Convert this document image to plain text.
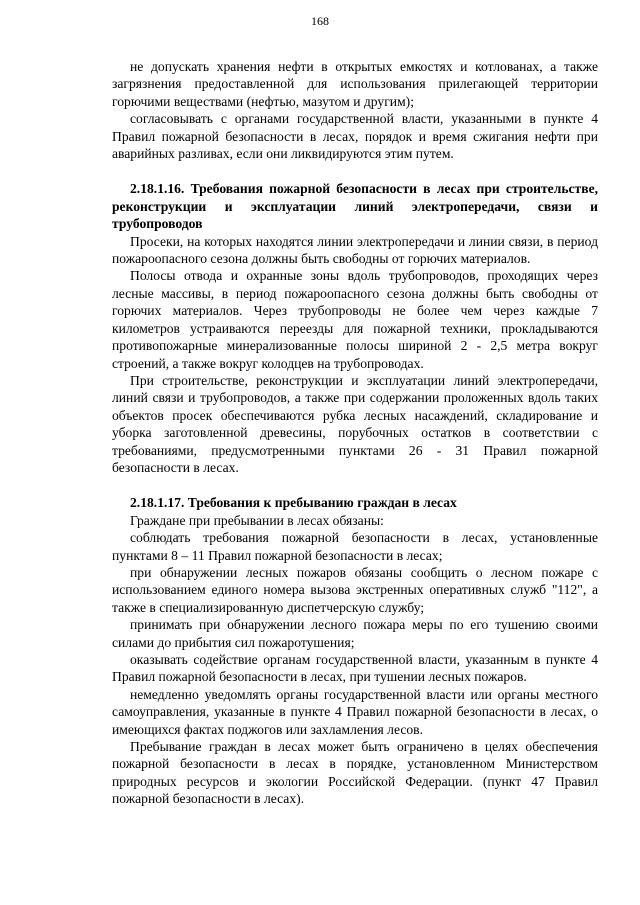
168

не допускать хранения нефти в открытых емкостях и котлованах, а также загрязнения предоставленной для использования прилегающей территории горючими веществами (нефтью, мазутом и другим);

согласовывать с органами государственной власти, указанными в пункте 4 Правил пожарной безопасности в лесах, порядок и время сжигания нефти при аварийных разливах, если они ликвидируются этим путем.

2.18.1.16. Требования пожарной безопасности в лесах при строительстве, реконструкции и эксплуатации линий электропередачи, связи и трубопроводов

Просеки, на которых находятся линии электропередачи и линии связи, в период пожароопасного сезона должны быть свободны от горючих материалов.

Полосы отвода и охранные зоны вдоль трубопроводов, проходящих через лесные массивы, в период пожароопасного сезона должны быть свободны от горючих материалов. Через трубопроводы не более чем через каждые 7 километров устраиваются переезды для пожарной техники, прокладываются противопожарные минерализованные полосы шириной 2 - 2,5 метра вокруг строений, а также вокруг колодцев на трубопроводах.

При строительстве, реконструкции и эксплуатации линий электропередачи, линий связи и трубопроводов, а также при содержании проложенных вдоль таких объектов просек обеспечиваются рубка лесных насаждений, складирование и уборка заготовленной древесины, порубочных остатков в соответствии с требованиями, предусмотренными пунктами 26 - 31 Правил пожарной безопасности в лесах.

2.18.1.17. Требования к пребыванию граждан в лесах

Граждане при пребывании в лесах обязаны:

соблюдать требования пожарной безопасности в лесах, установленные пунктами 8 – 11 Правил пожарной безопасности в лесах;

при обнаружении лесных пожаров обязаны сообщить о лесном пожаре с использованием единого номера вызова экстренных оперативных служб "112", а также в специализированную диспетчерскую службу;

принимать при обнаружении лесного пожара меры по его тушению своими силами до прибытия сил пожаротушения;

оказывать содействие органам государственной власти, указанным в пункте 4 Правил пожарной безопасности в лесах, при тушении лесных пожаров.

немедленно уведомлять органы государственной власти или органы местного самоуправления, указанные в пункте 4 Правил пожарной безопасности в лесах, о имеющихся фактах поджогов или захламления лесов.

Пребывание граждан в лесах может быть ограничено в целях обеспечения пожарной безопасности в лесах в порядке, установленном Министерством природных ресурсов и экологии Российской Федерации. (пункт 47 Правил пожарной безопасности в лесах).
